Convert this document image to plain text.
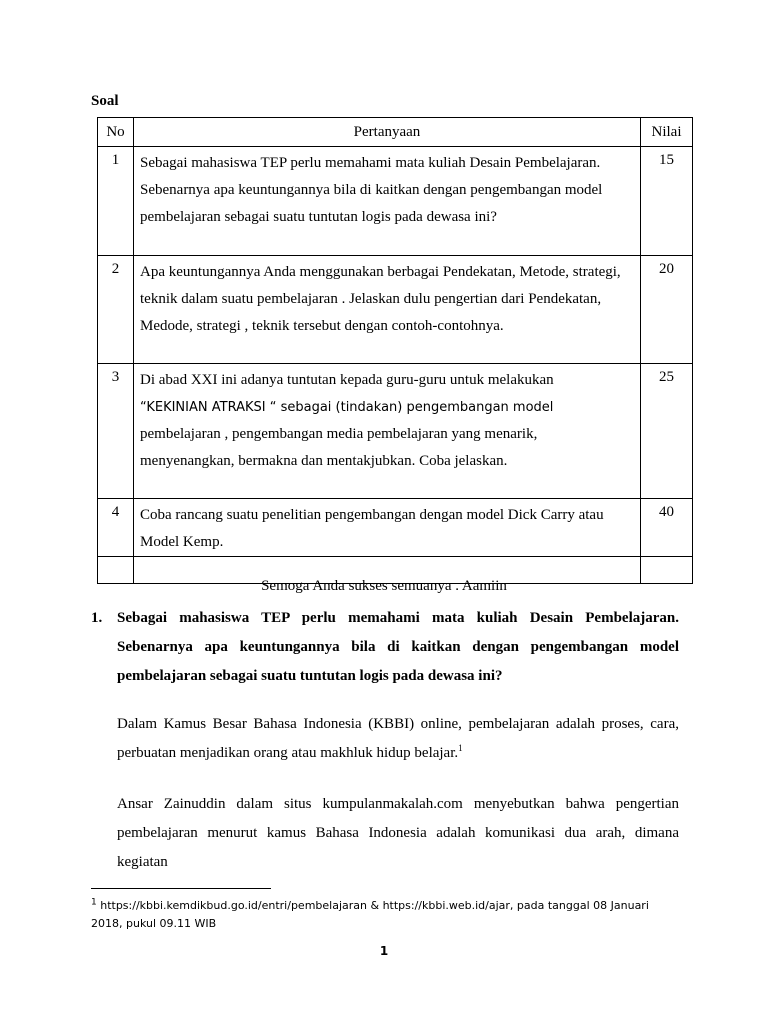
Soal
No	Pertanyaan	Nilai
1	Sebagai mahasiswa TEP perlu memahami mata kuliah Desain Pembelajaran. Sebenarnya apa keuntungannya bila di kaitkan dengan pengembangan model pembelajaran sebagai suatu tuntutan logis pada dewasa ini?	15
2	Apa keuntungannya Anda menggunakan berbagai Pendekatan, Metode, strategi, teknik dalam suatu pembelajaran . Jelaskan dulu pengertian dari Pendekatan, Medode, strategi , teknik tersebut dengan contoh-contohnya.	20
3	Di abad XXI ini adanya tuntutan kepada guru-guru untuk melakukan
“KEKINIAN ATRAKSI “ sebagai (tindakan) pengembangan model
pembelajaran , pengembangan media pembelajaran yang menarik, menyenangkan, bermakna dan mentakjubkan. Coba jelaskan.	25
4	Coba rancang suatu penelitian pengembangan dengan model Dick Carry atau Model Kemp.	40

Semoga Anda sukses semuanya . Aamiin
1. Sebagai mahasiswa TEP perlu memahami mata kuliah Desain Pembelajaran. Sebenarnya apa keuntungannya bila di kaitkan dengan pengembangan model pembelajaran sebagai suatu tuntutan logis pada dewasa ini?
Dalam Kamus Besar Bahasa Indonesia (KBBI) online, pembelajaran adalah proses, cara, perbuatan menjadikan orang atau makhluk hidup belajar.$^1$
Ansar Zainuddin dalam situs kumpulanmakalah.com menyebutkan bahwa pengertian pembelajaran menurut kamus Bahasa Indonesia adalah komunikasi dua arah, dimana kegiatan
$^1$ https://kbbi.kemdikbud.go.id/entri/pembelajaran & https://kbbi.web.id/ajar, pada tanggal 08 Januari 2018, pukul 09.11 WIB
1
